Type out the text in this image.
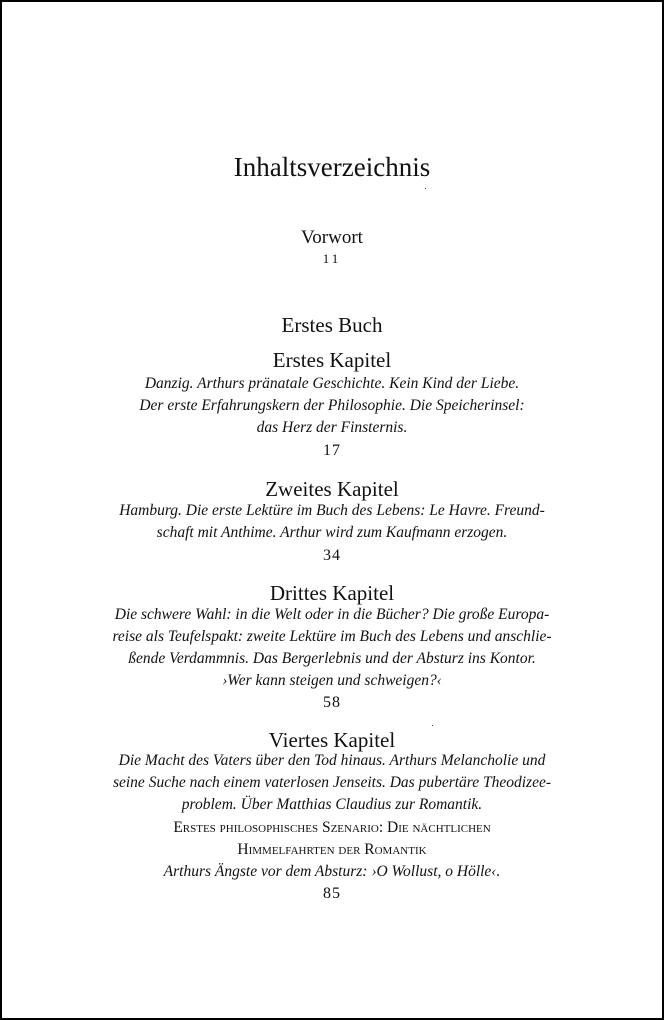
Inhaltsverzeichnis
Vorwort
11
Erstes Buch
Erstes Kapitel
Danzig. Arthurs pränatale Geschichte. Kein Kind der Liebe.
Der erste Erfahrungskern der Philosophie. Die Speicherinsel:
das Herz der Finsternis.
17
Zweites Kapitel
Hamburg. Die erste Lektüre im Buch des Lebens: Le Havre. Freund-
schaft mit Anthime. Arthur wird zum Kaufmann erzogen.
34
Drittes Kapitel
Die schwere Wahl: in die Welt oder in die Bücher? Die große Europa-
reise als Teufelspakt: zweite Lektüre im Buch des Lebens und anschlie-
ßende Verdammnis. Das Bergerlebnis und der Absturz ins Kontor.
›Wer kann steigen und schweigen?‹
58
Viertes Kapitel
Die Macht des Vaters über den Tod hinaus. Arthurs Melancholie und
seine Suche nach einem vaterlosen Jenseits. Das pubertäre Theodizee-
problem. Über Matthias Claudius zur Romantik.
Erstes philosophisches Szenario: Die nächtlichen
Himmelfahrten der Romantik
Arthurs Ängste vor dem Absturz: ›O Wollust, o Hölle‹.
85
